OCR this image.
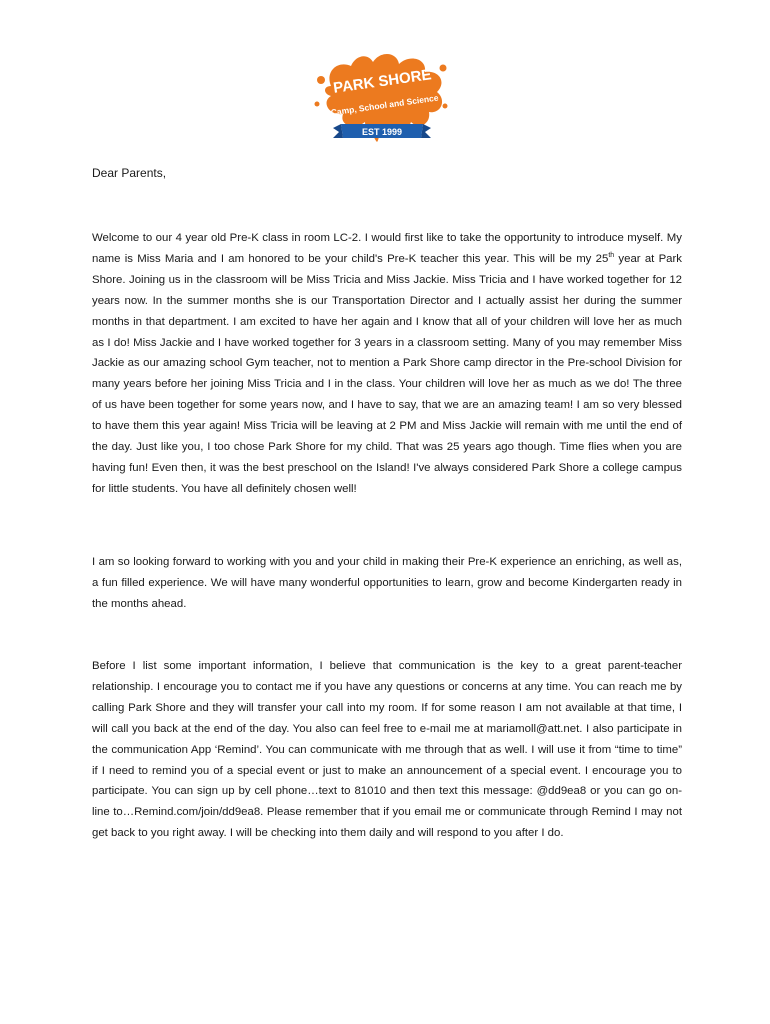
PARK SHORE
Camp, School and Science
EST 1999
Dear Parents,

Welcome to our 4 year old Pre-K class in room LC-2. I would first like to take the opportunity to introduce myself. My name is Miss Maria and I am honored to be your child's Pre-K teacher this year. This will be my 25th year at Park Shore. Joining us in the classroom will be Miss Tricia and Miss Jackie. Miss Tricia and I have worked together for 12 years now. In the summer months she is our Transportation Director and I actually assist her during the summer months in that department. I am excited to have her again and I know that all of your children will love her as much as I do! Miss Jackie and I have worked together for 3 years in a classroom setting. Many of you may remember Miss Jackie as our amazing school Gym teacher, not to mention a Park Shore camp director in the Pre-school Division for many years before her joining Miss Tricia and I in the class. Your children will love her as much as we do! The three of us have been together for some years now, and I have to say, that we are an amazing team! I am so very blessed to have them this year again! Miss Tricia will be leaving at 2 PM and Miss Jackie will remain with me until the end of the day. Just like you, I too chose Park Shore for my child. That was 25 years ago though. Time flies when you are having fun! Even then, it was the best preschool on the Island! I've always considered Park Shore a college campus for little students. You have all definitely chosen well!

I am so looking forward to working with you and your child in making their Pre-K experience an enriching, as well as, a fun filled experience. We will have many wonderful opportunities to learn, grow and become Kindergarten ready in the months ahead.

Before I list some important information, I believe that communication is the key to a great parent-teacher relationship. I encourage you to contact me if you have any questions or concerns at any time. You can reach me by calling Park Shore and they will transfer your call into my room. If for some reason I am not available at that time, I will call you back at the end of the day. You also can feel free to e-mail me at mariamoll@att.net. I also participate in the communication App ‘Remind’. You can communicate with me through that as well. I will use it from “time to time” if I need to remind you of a special event or just to make an announcement of a special event. I encourage you to participate. You can sign up by cell phone…text to 81010 and then text this message: @dd9ea8 or you can go on-line to…Remind.com/join/dd9ea8. Please remember that if you email me or communicate through Remind I may not get back to you right away. I will be checking into them daily and will respond to you after I do.
